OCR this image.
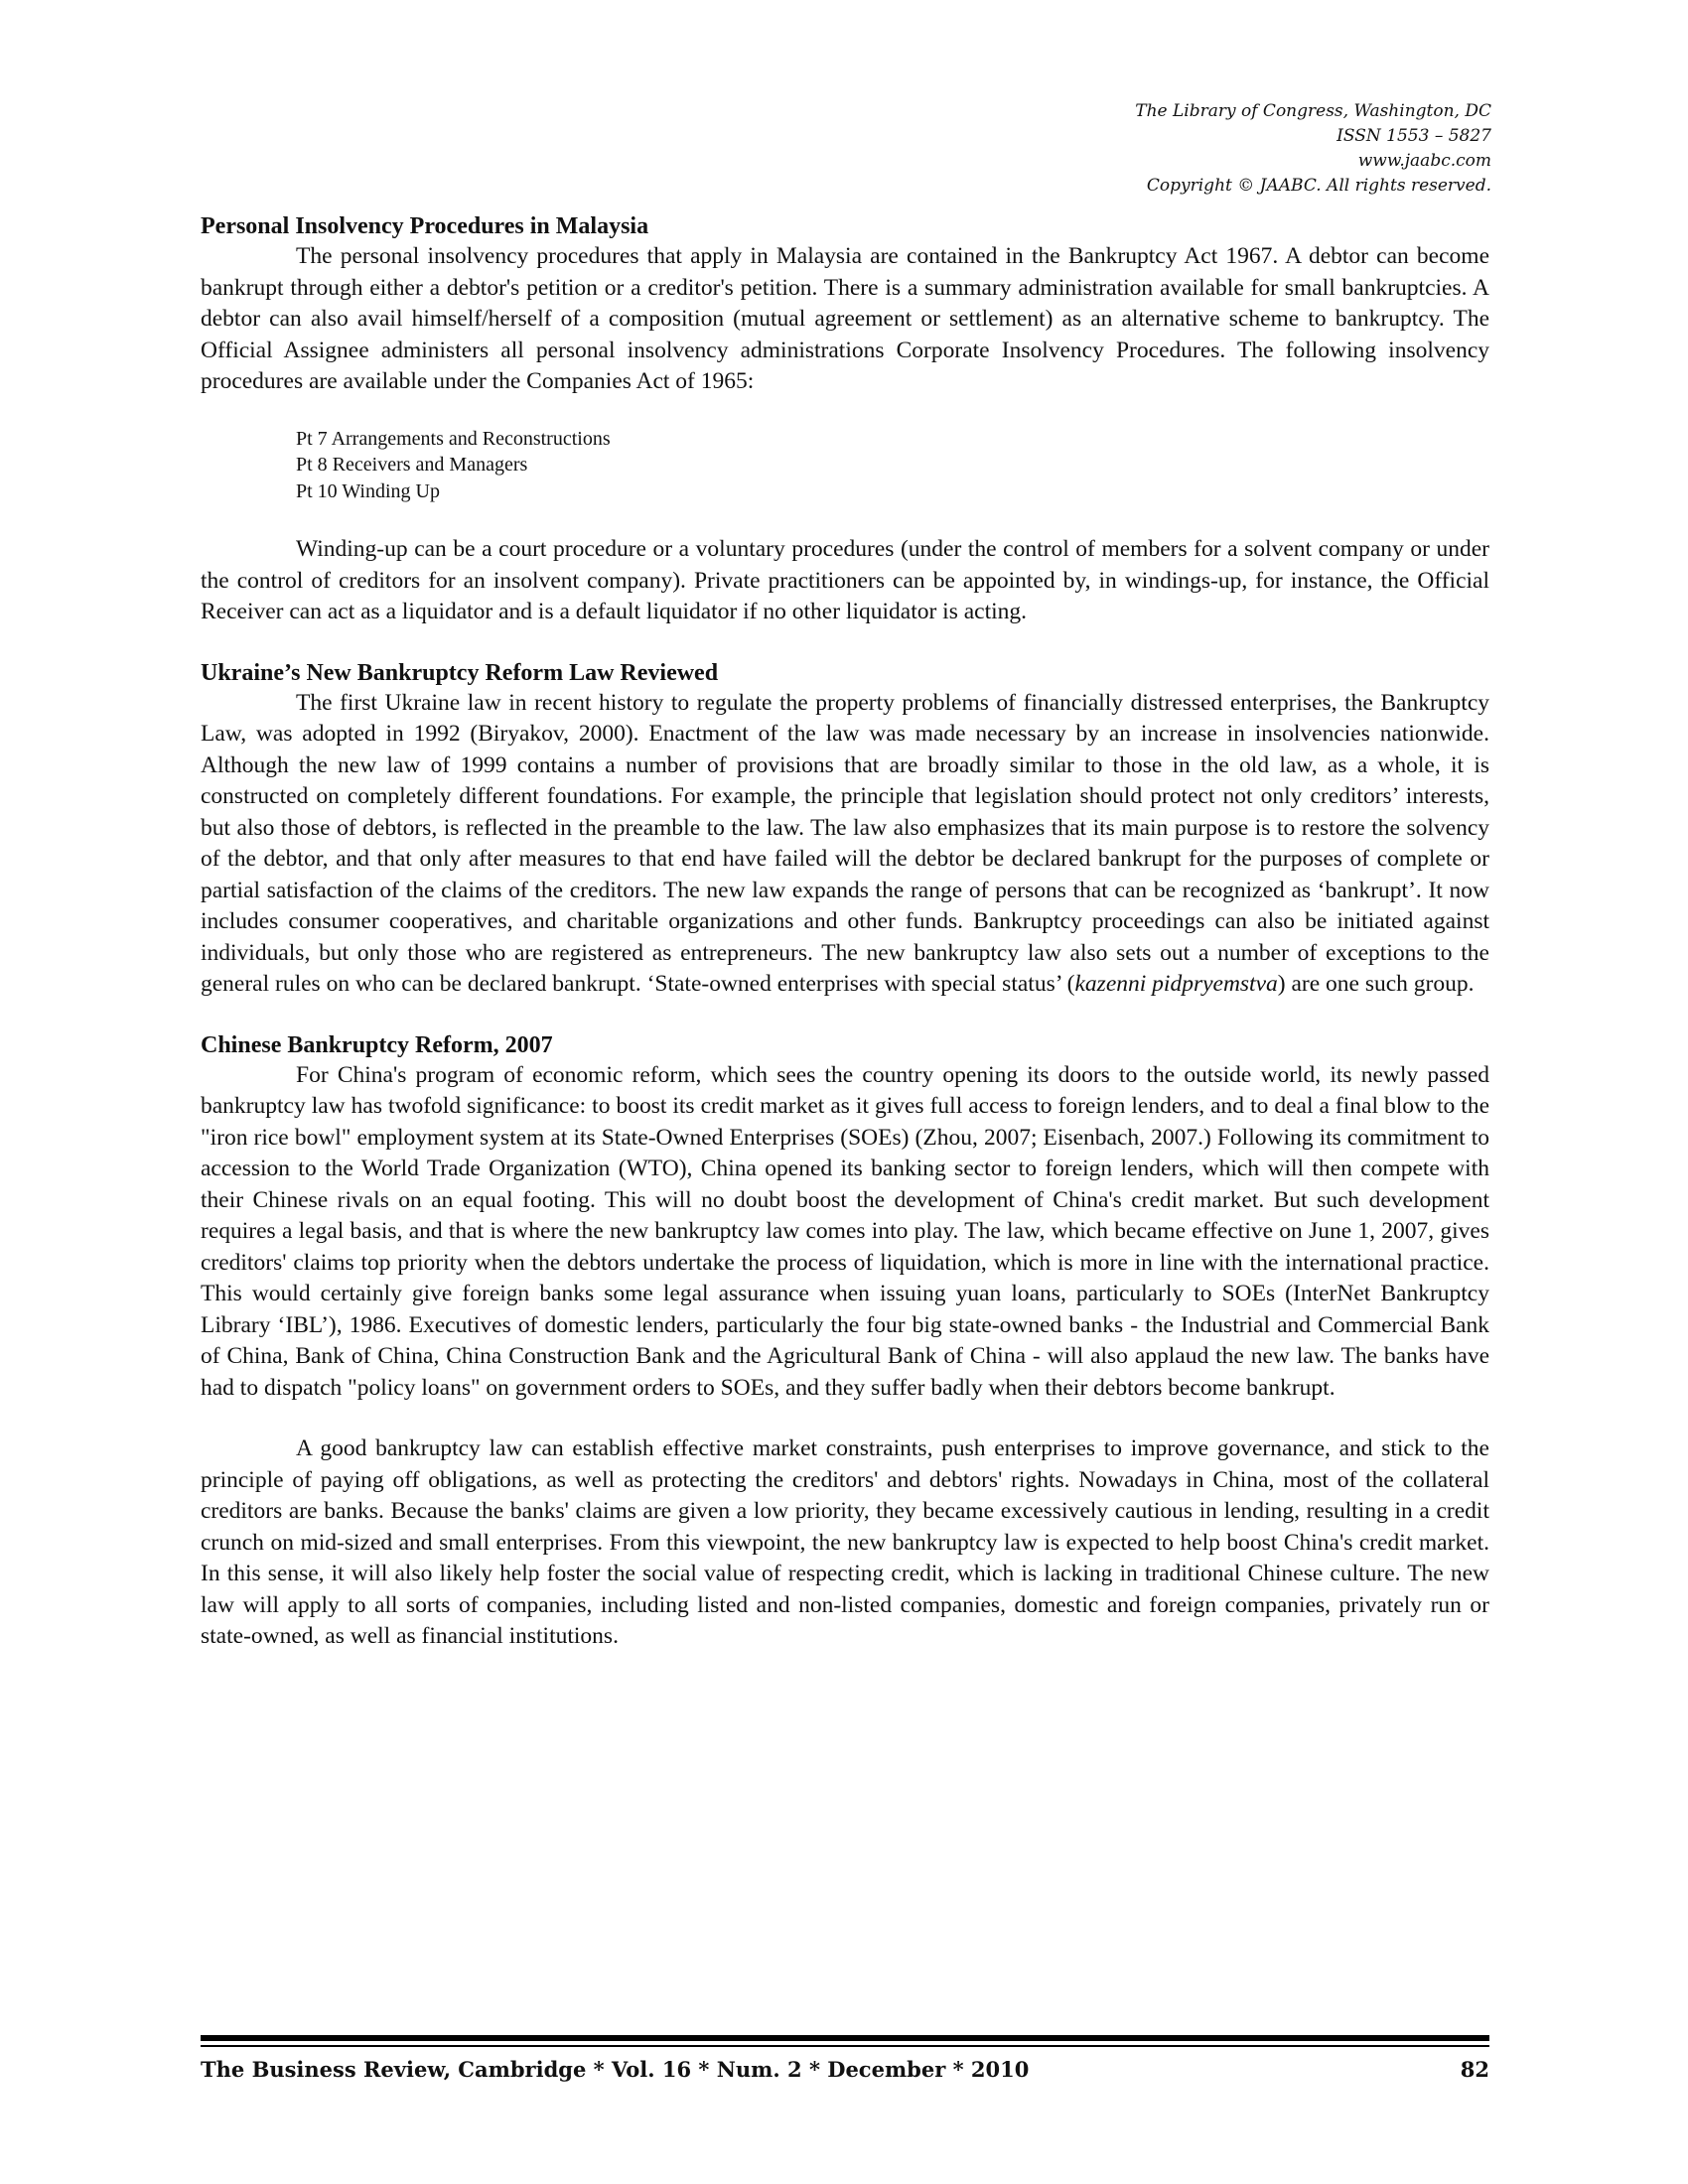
The Library of Congress, Washington, DC
ISSN 1553 – 5827
www.jaabc.com
Copyright © JAABC. All rights reserved.
Personal Insolvency Procedures in Malaysia

The personal insolvency procedures that apply in Malaysia are contained in the Bankruptcy Act 1967. A debtor can become bankrupt through either a debtor's petition or a creditor's petition. There is a summary administration available for small bankruptcies. A debtor can also avail himself/herself of a composition (mutual agreement or settlement) as an alternative scheme to bankruptcy. The Official Assignee administers all personal insolvency administrations Corporate Insolvency Procedures. The following insolvency procedures are available under the Companies Act of 1965:

Pt 7 Arrangements and Reconstructions
Pt 8 Receivers and Managers
Pt 10 Winding Up

Winding-up can be a court procedure or a voluntary procedures (under the control of members for a solvent company or under the control of creditors for an insolvent company). Private practitioners can be appointed by, in windings-up, for instance, the Official Receiver can act as a liquidator and is a default liquidator if no other liquidator is acting.

Ukraine’s New Bankruptcy Reform Law Reviewed

The first Ukraine law in recent history to regulate the property problems of financially distressed enterprises, the Bankruptcy Law, was adopted in 1992 (Biryakov, 2000). Enactment of the law was made necessary by an increase in insolvencies nationwide. Although the new law of 1999 contains a number of provisions that are broadly similar to those in the old law, as a whole, it is constructed on completely different foundations. For example, the principle that legislation should protect not only creditors’ interests, but also those of debtors, is reflected in the preamble to the law. The law also emphasizes that its main purpose is to restore the solvency of the debtor, and that only after measures to that end have failed will the debtor be declared bankrupt for the purposes of complete or partial satisfaction of the claims of the creditors. The new law expands the range of persons that can be recognized as ‘bankrupt’. It now includes consumer cooperatives, and charitable organizations and other funds. Bankruptcy proceedings can also be initiated against individuals, but only those who are registered as entrepreneurs. The new bankruptcy law also sets out a number of exceptions to the general rules on who can be declared bankrupt. ‘State-owned enterprises with special status’ (kazenni pidpryemstva) are one such group.

Chinese Bankruptcy Reform, 2007

For China's program of economic reform, which sees the country opening its doors to the outside world, its newly passed bankruptcy law has twofold significance: to boost its credit market as it gives full access to foreign lenders, and to deal a final blow to the "iron rice bowl" employment system at its State-Owned Enterprises (SOEs) (Zhou, 2007; Eisenbach, 2007.) Following its commitment to accession to the World Trade Organization (WTO), China opened its banking sector to foreign lenders, which will then compete with their Chinese rivals on an equal footing. This will no doubt boost the development of China's credit market. But such development requires a legal basis, and that is where the new bankruptcy law comes into play. The law, which became effective on June 1, 2007, gives creditors' claims top priority when the debtors undertake the process of liquidation, which is more in line with the international practice. This would certainly give foreign banks some legal assurance when issuing yuan loans, particularly to SOEs (InterNet Bankruptcy Library ‘IBL’), 1986. Executives of domestic lenders, particularly the four big state-owned banks - the Industrial and Commercial Bank of China, Bank of China, China Construction Bank and the Agricultural Bank of China - will also applaud the new law. The banks have had to dispatch "policy loans" on government orders to SOEs, and they suffer badly when their debtors become bankrupt.

A good bankruptcy law can establish effective market constraints, push enterprises to improve governance, and stick to the principle of paying off obligations, as well as protecting the creditors' and debtors' rights. Nowadays in China, most of the collateral creditors are banks. Because the banks' claims are given a low priority, they became excessively cautious in lending, resulting in a credit crunch on mid-sized and small enterprises. From this viewpoint, the new bankruptcy law is expected to help boost China's credit market. In this sense, it will also likely help foster the social value of respecting credit, which is lacking in traditional Chinese culture. The new law will apply to all sorts of companies, including listed and non-listed companies, domestic and foreign companies, privately run or state-owned, as well as financial institutions.

The Business Review, Cambridge * Vol. 16 * Num. 2 * December * 2010	82
